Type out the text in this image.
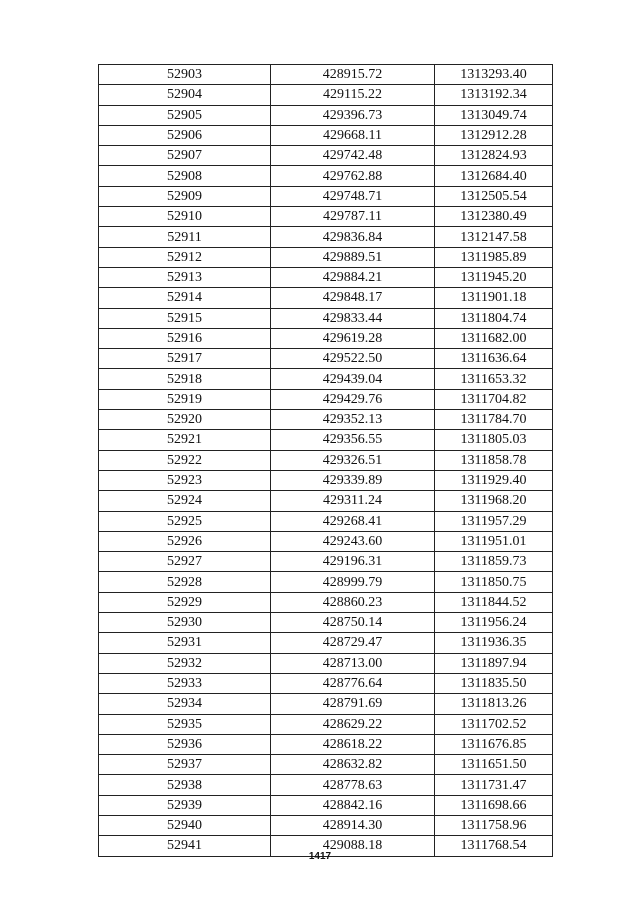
52903	428915.72	1313293.40
52904	429115.22	1313192.34
52905	429396.73	1313049.74
52906	429668.11	1312912.28
52907	429742.48	1312824.93
52908	429762.88	1312684.40
52909	429748.71	1312505.54
52910	429787.11	1312380.49
52911	429836.84	1312147.58
52912	429889.51	1311985.89
52913	429884.21	1311945.20
52914	429848.17	1311901.18
52915	429833.44	1311804.74
52916	429619.28	1311682.00
52917	429522.50	1311636.64
52918	429439.04	1311653.32
52919	429429.76	1311704.82
52920	429352.13	1311784.70
52921	429356.55	1311805.03
52922	429326.51	1311858.78
52923	429339.89	1311929.40
52924	429311.24	1311968.20
52925	429268.41	1311957.29
52926	429243.60	1311951.01
52927	429196.31	1311859.73
52928	428999.79	1311850.75
52929	428860.23	1311844.52
52930	428750.14	1311956.24
52931	428729.47	1311936.35
52932	428713.00	1311897.94
52933	428776.64	1311835.50
52934	428791.69	1311813.26
52935	428629.22	1311702.52
52936	428618.22	1311676.85
52937	428632.82	1311651.50
52938	428778.63	1311731.47
52939	428842.16	1311698.66
52940	428914.30	1311758.96
52941	429088.18	1311768.54
1417
